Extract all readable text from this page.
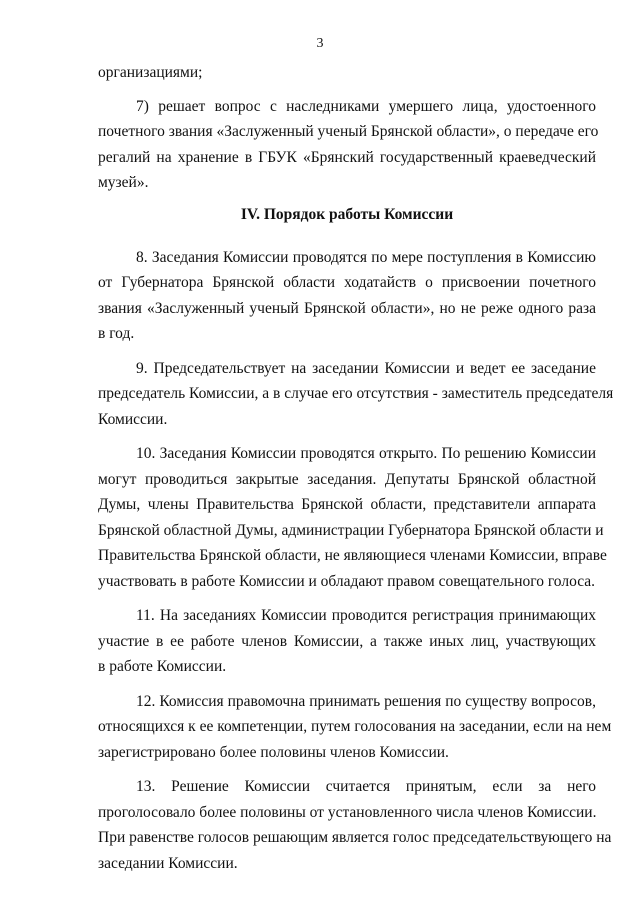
3

организациями;

7) решает вопрос с наследниками умершего лица, удостоенного
почетного звания «Заслуженный ученый Брянской области», о передаче его
регалий на хранение в ГБУК «Брянский государственный краеведческий
музей».

IV. Порядок работы Комиссии

8. Заседания Комиссии проводятся по мере поступления в Комиссию
от Губернатора Брянской области ходатайств о присвоении почетного
звания «Заслуженный ученый Брянской области», но не реже одного раза
в год.

9. Председательствует на заседании Комиссии и ведет ее заседание
председатель Комиссии, а в случае его отсутствия - заместитель председателя
Комиссии.

10. Заседания Комиссии проводятся открыто. По решению Комиссии
могут проводиться закрытые заседания. Депутаты Брянской областной
Думы, члены Правительства Брянской области, представители аппарата
Брянской областной Думы, администрации Губернатора Брянской области и
Правительства Брянской области, не являющиеся членами Комиссии, вправе
участвовать в работе Комиссии и обладают правом совещательного голоса.

11. На заседаниях Комиссии проводится регистрация принимающих
участие в ее работе членов Комиссии, а также иных лиц, участвующих
в работе Комиссии.

12. Комиссия правомочна принимать решения по существу вопросов,
относящихся к ее компетенции, путем голосования на заседании, если на нем
зарегистрировано более половины членов Комиссии.

13. Решение Комиссии считается принятым, если за него
проголосовало более половины от установленного числа членов Комиссии.
При равенстве голосов решающим является голос председательствующего на
заседании Комиссии.
